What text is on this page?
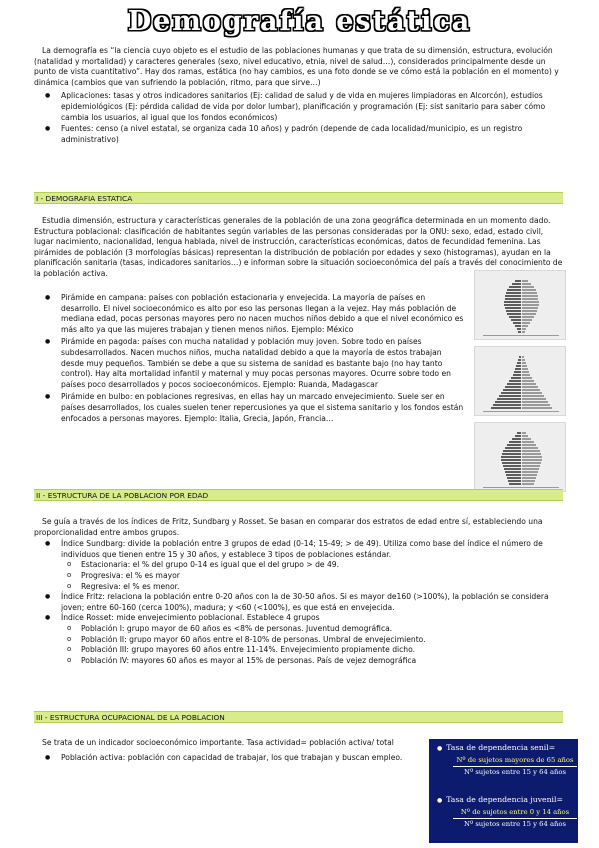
Demografía estática

La demografía es “la ciencia cuyo objeto es el estudio de las poblaciones humanas y que trata de su dimensión, estructura, evolución (natalidad y mortalidad) y caracteres generales (sexo, nivel educativo, etnia, nivel de salud…), considerados principalmente desde un punto de vista cuantitativo”. Hay dos ramas, estática (no hay cambios, es una foto donde se ve cómo está la población en el momento) y dinámica (cambios que van sufriendo la población, ritmo, para que sirve…)

● Aplicaciones: tasas y otros indicadores sanitarios (Ej: calidad de salud y de vida en mujeres limpiadoras en Alcorcón), estudios epidemiológicos (Ej: pérdida calidad de vida por dolor lumbar), planificación y programación (Ej: sist sanitario para saber cómo cambia los usuarios, al igual que los fondos económicos)
● Fuentes: censo (a nivel estatal, se organiza cada 10 años) y padrón (depende de cada localidad/municipio, es un registro administrativo)
I - DEMOGRAFIA ESTATICA

Estudia dimensión, estructura y características generales de la población de una zona geográfica determinada en un momento dado. Estructura poblacional: clasificación de habitantes según variables de las personas consideradas por la ONU: sexo, edad, estado civil, lugar nacimiento, nacionalidad, lengua hablada, nivel de instrucción, características económicas, datos de fecundidad femenina. Las pirámides de población (3 morfologías básicas) representan la distribución de población por edades y sexo (histogramas), ayudan en la planificación sanitaria (tasas, indicadores sanitarios…) e informan sobre la situación socioeconómica del país a través del conocimiento de la población activa.

● Pirámide en campana: países con población estacionaria y envejecida. La mayoría de países en desarrollo. El nivel socioeconómico es alto por eso las personas llegan a la vejez. Hay más población de mediana edad, pocas personas mayores pero no nacen muchos niños debido a que el nivel económico es más alto ya que las mujeres trabajan y tienen menos niños. Ejemplo: México
● Pirámide en pagoda: países con mucha natalidad y población muy joven. Sobre todo en países subdesarrollados. Nacen muchos niños, mucha natalidad debido a que la mayoría de estos trabajan desde muy pequeños. También se debe a que su sistema de sanidad es bastante bajo (no hay tanto control). Hay alta mortalidad infantil y maternal y muy pocas personas mayores. Ocurre sobre todo en países poco desarrollados y pocos socioeconómicos. Ejemplo: Ruanda, Madagascar
● Pirámide en bulbo: en poblaciones regresivas, en ellas hay un marcado envejecimiento. Suele ser en países desarrollados, los cuales suelen tener repercusiones ya que el sistema sanitario y los fondos están enfocados a personas mayores. Ejemplo: Italia, Grecia, Japón, Francia…
II - ESTRUCTURA DE LA POBLACION POR EDAD

Se guía a través de los índices de Fritz, Sundbarg y Rosset. Se basan en comparar dos estratos de edad entre sí, estableciendo una proporcionalidad entre ambos grupos.

● Índice Sundbarg: divide la población entre 3 grupos de edad (0-14; 15-49; > de 49). Utiliza como base del índice el número de individuos que tienen entre 15 y 30 años, y establece 3 tipos de poblaciones estándar.
o Estacionaria: el % del grupo 0-14 es igual que el del grupo > de 49.
o Progresiva: el % es mayor
o Regresiva: el % es menor.
● Índice Fritz: relaciona la población entre 0-20 años con la de 30-50 años. Si es mayor de160 (>100%), la población se considera joven; entre 60-160 (cerca 100%), madura; y <60 (<100%), es que está en envejecida.
● Índice Rosset: mide envejecimiento poblacional. Establece 4 grupos
o Población I: grupo mayor de 60 años es <8% de personas. Juventud demográfica.
o Población II: grupo mayor 60 años entre el 8-10% de personas. Umbral de envejecimiento.
o Población III: grupo mayores 60 años entre 11-14%. Envejecimiento propiamente dicho.
o Población IV: mayores 60 años es mayor al 15% de personas. País de vejez demográfica
III - ESTRUCTURA OCUPACIONAL DE LA POBLACION

Se trata de un indicador socioeconómico importante. Tasa actividad= población activa/ total

● Población activa: población con capacidad de trabajar, los que trabajan y buscan empleo.
● Tasa de dependencia senil=
Nº de sujetos mayores de 65 años
Nº sujetos entre 15 y 64 años
● Tasa de dependencia juvenil=
Nº de sujetos entre 0 y 14 años
Nº sujetos entre 15 y 64 años
